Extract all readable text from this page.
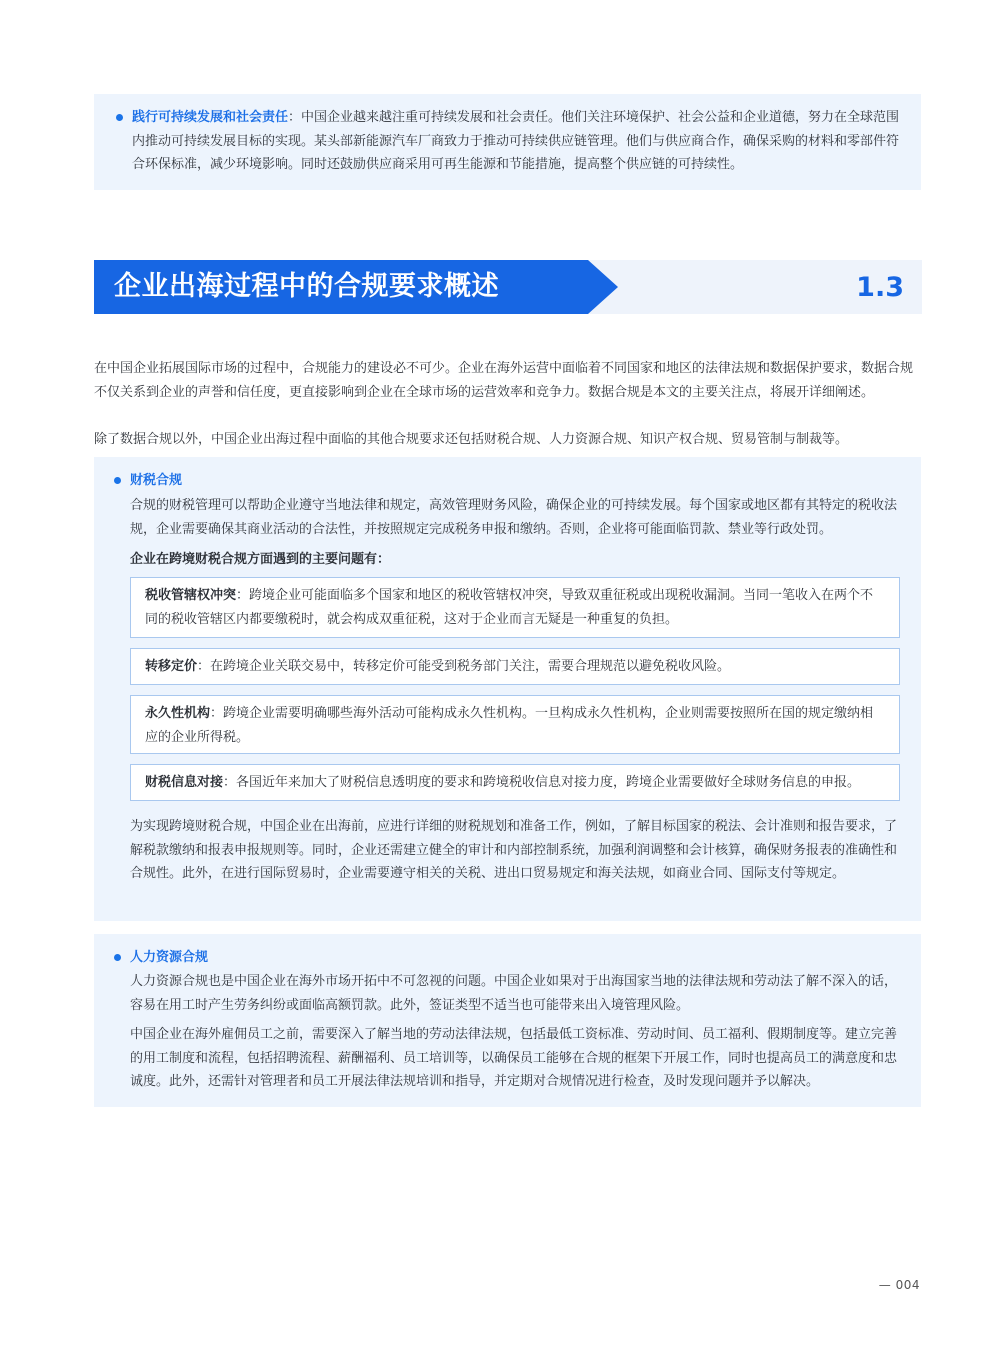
践行可持续发展和社会责任：中国企业越来越注重可持续发展和社会责任。他们关注环境保护、社会公益和企业道德，努力在全球范围内推动可持续发展目标的实现。某头部新能源汽车厂商致力于推动可持续供应链管理。他们与供应商合作，确保采购的材料和零部件符合环保标准，减少环境影响。同时还鼓励供应商采用可再生能源和节能措施，提高整个供应链的可持续性。
企业出海过程中的合规要求概述	1.3

在中国企业拓展国际市场的过程中，合规能力的建设必不可少。企业在海外运营中面临着不同国家和地区的法律法规和数据保护要求，数据合规不仅关系到企业的声誉和信任度，更直接影响到企业在全球市场的运营效率和竞争力。数据合规是本文的主要关注点，将展开详细阐述。

除了数据合规以外，中国企业出海过程中面临的其他合规要求还包括财税合规、人力资源合规、知识产权合规、贸易管制与制裁等。

财税合规

合规的财税管理可以帮助企业遵守当地法律和规定，高效管理财务风险，确保企业的可持续发展。每个国家或地区都有其特定的税收法规，企业需要确保其商业活动的合法性，并按照规定完成税务申报和缴纳。否则，企业将可能面临罚款、禁业等行政处罚。

企业在跨境财税合规方面遇到的主要问题有：

税收管辖权冲突：跨境企业可能面临多个国家和地区的税收管辖权冲突，导致双重征税或出现税收漏洞。当同一笔收入在两个不同的税收管辖区内都要缴税时，就会构成双重征税，这对于企业而言无疑是一种重复的负担。

转移定价：在跨境企业关联交易中，转移定价可能受到税务部门关注，需要合理规范以避免税收风险。

永久性机构：跨境企业需要明确哪些海外活动可能构成永久性机构。一旦构成永久性机构，企业则需要按照所在国的规定缴纳相应的企业所得税。

财税信息对接：各国近年来加大了财税信息透明度的要求和跨境税收信息对接力度，跨境企业需要做好全球财务信息的申报。

为实现跨境财税合规，中国企业在出海前，应进行详细的财税规划和准备工作，例如，了解目标国家的税法、会计准则和报告要求，了解税款缴纳和报表申报规则等。同时，企业还需建立健全的审计和内部控制系统，加强利润调整和会计核算，确保财务报表的准确性和合规性。此外，在进行国际贸易时，企业需要遵守相关的关税、进出口贸易规定和海关法规，如商业合同、国际支付等规定。

人力资源合规

人力资源合规也是中国企业在海外市场开拓中不可忽视的问题。中国企业如果对于出海国家当地的法律法规和劳动法了解不深入的话，容易在用工时产生劳务纠纷或面临高额罚款。此外，签证类型不适当也可能带来出入境管理风险。

中国企业在海外雇佣员工之前，需要深入了解当地的劳动法律法规，包括最低工资标准、劳动时间、员工福利、假期制度等。建立完善的用工制度和流程，包括招聘流程、薪酬福利、员工培训等，以确保员工能够在合规的框架下开展工作，同时也提高员工的满意度和忠诚度。此外，还需针对管理者和员工开展法律法规培训和指导，并定期对合规情况进行检查，及时发现问题并予以解决。

— 004
